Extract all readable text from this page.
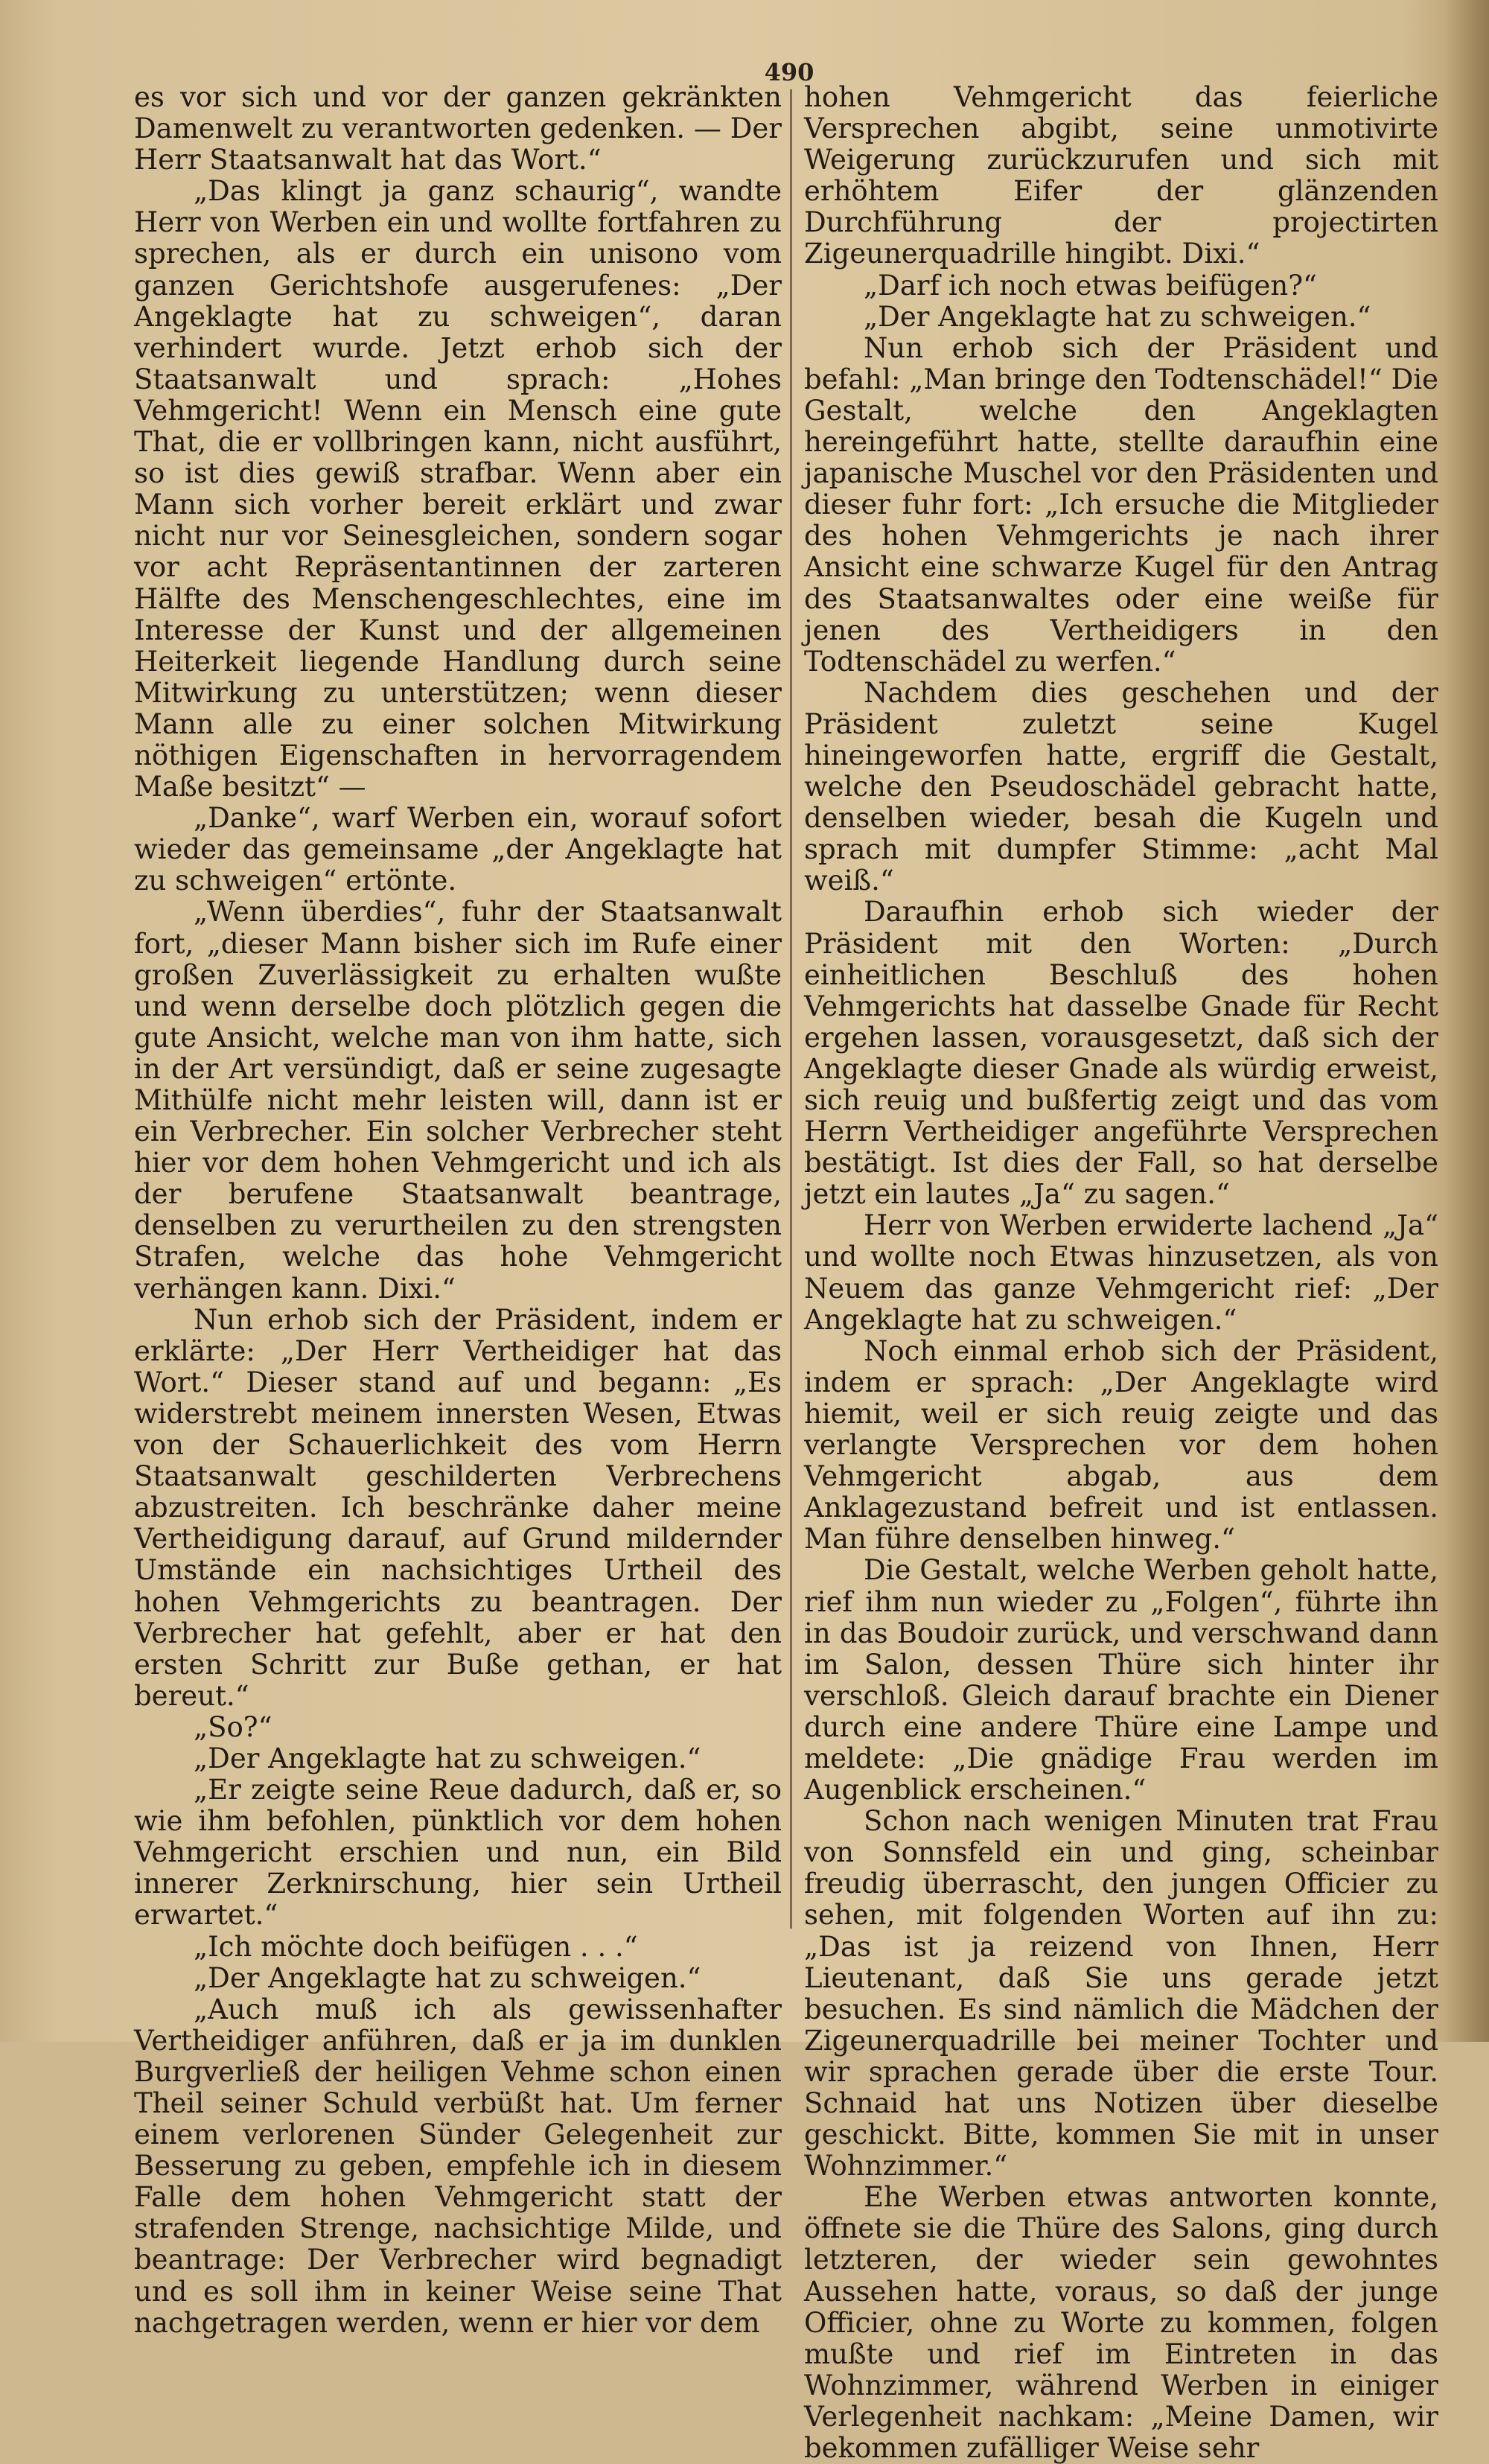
490

es vor sich und vor der ganzen gekränkten Damenwelt zu verantworten gedenken. — Der Herr Staatsanwalt hat das Wort.“

„Das klingt ja ganz schaurig“, wandte Herr von Werben ein und wollte fortfahren zu sprechen, als er durch ein unisono vom ganzen Gerichtshofe ausgerufenes: „Der Angeklagte hat zu schweigen“, daran verhindert wurde. Jetzt erhob sich der Staatsanwalt und sprach: „Hohes Vehmgericht! Wenn ein Mensch eine gute That, die er vollbringen kann, nicht ausführt, so ist dies gewiß strafbar. Wenn aber ein Mann sich vorher bereit erklärt und zwar nicht nur vor Seinesgleichen, sondern sogar vor acht Repräsentantinnen der zarteren Hälfte des Menschengeschlechtes, eine im Interesse der Kunst und der allgemeinen Heiterkeit liegende Handlung durch seine Mitwirkung zu unterstützen; wenn dieser Mann alle zu einer solchen Mitwirkung nöthigen Eigenschaften in hervorragendem Maße besitzt“ —

„Danke“, warf Werben ein, worauf sofort wieder das gemeinsame „der Angeklagte hat zu schweigen“ ertönte.

„Wenn überdies“, fuhr der Staatsanwalt fort, „dieser Mann bisher sich im Rufe einer großen Zuverlässigkeit zu erhalten wußte und wenn derselbe doch plötzlich gegen die gute Ansicht, welche man von ihm hatte, sich in der Art versündigt, daß er seine zugesagte Mithülfe nicht mehr leisten will, dann ist er ein Verbrecher. Ein solcher Verbrecher steht hier vor dem hohen Vehmgericht und ich als der berufene Staatsanwalt beantrage, denselben zu verurtheilen zu den strengsten Strafen, welche das hohe Vehmgericht verhängen kann. Dixi.“

Nun erhob sich der Präsident, indem er erklärte: „Der Herr Vertheidiger hat das Wort.“ Dieser stand auf und begann: „Es widerstrebt meinem innersten Wesen, Etwas von der Schauerlichkeit des vom Herrn Staatsanwalt geschilderten Verbrechens abzustreiten. Ich beschränke daher meine Vertheidigung darauf, auf Grund mildernder Umstände ein nachsichtiges Urtheil des hohen Vehmgerichts zu beantragen. Der Verbrecher hat gefehlt, aber er hat den ersten Schritt zur Buße gethan, er hat bereut.“

„So?“

„Der Angeklagte hat zu schweigen.“

„Er zeigte seine Reue dadurch, daß er, so wie ihm befohlen, pünktlich vor dem hohen Vehmgericht erschien und nun, ein Bild innerer Zerknirschung, hier sein Urtheil erwartet.“

„Ich möchte doch beifügen . . .“

„Der Angeklagte hat zu schweigen.“

„Auch muß ich als gewissenhafter Vertheidiger anführen, daß er ja im dunklen Burgverließ der heiligen Vehme schon einen Theil seiner Schuld verbüßt hat. Um ferner einem verlorenen Sünder Gelegenheit zur Besserung zu geben, empfehle ich in diesem Falle dem hohen Vehmgericht statt der strafenden Strenge, nachsichtige Milde, und beantrage: Der Verbrecher wird begnadigt und es soll ihm in keiner Weise seine That nachgetragen werden, wenn er hier vor dem

hohen Vehmgericht das feierliche Versprechen abgibt, seine unmotivirte Weigerung zurückzurufen und sich mit erhöhtem Eifer der glänzenden Durchführung der projectirten Zigeunerquadrille hingibt. Dixi.“

„Darf ich noch etwas beifügen?“

„Der Angeklagte hat zu schweigen.“

Nun erhob sich der Präsident und befahl: „Man bringe den Todtenschädel!“ Die Gestalt, welche den Angeklagten hereingeführt hatte, stellte daraufhin eine japanische Muschel vor den Präsidenten und dieser fuhr fort: „Ich ersuche die Mitglieder des hohen Vehmgerichts je nach ihrer Ansicht eine schwarze Kugel für den Antrag des Staatsanwaltes oder eine weiße für jenen des Vertheidigers in den Todtenschädel zu werfen.“

Nachdem dies geschehen und der Präsident zuletzt seine Kugel hineingeworfen hatte, ergriff die Gestalt, welche den Pseudoschädel gebracht hatte, denselben wieder, besah die Kugeln und sprach mit dumpfer Stimme: „acht Mal weiß.“

Daraufhin erhob sich wieder der Präsident mit den Worten: „Durch einheitlichen Beschluß des hohen Vehmgerichts hat dasselbe Gnade für Recht ergehen lassen, vorausgesetzt, daß sich der Angeklagte dieser Gnade als würdig erweist, sich reuig und bußfertig zeigt und das vom Herrn Vertheidiger angeführte Versprechen bestätigt. Ist dies der Fall, so hat derselbe jetzt ein lautes „Ja“ zu sagen.“

Herr von Werben erwiderte lachend „Ja“ und wollte noch Etwas hinzusetzen, als von Neuem das ganze Vehmgericht rief: „Der Angeklagte hat zu schweigen.“

Noch einmal erhob sich der Präsident, indem er sprach: „Der Angeklagte wird hiemit, weil er sich reuig zeigte und das verlangte Versprechen vor dem hohen Vehmgericht abgab, aus dem Anklagezustand befreit und ist entlassen. Man führe denselben hinweg.“

Die Gestalt, welche Werben geholt hatte, rief ihm nun wieder zu „Folgen“, führte ihn in das Boudoir zurück, und verschwand dann im Salon, dessen Thüre sich hinter ihr verschloß. Gleich darauf brachte ein Diener durch eine andere Thüre eine Lampe und meldete: „Die gnädige Frau werden im Augenblick erscheinen.“

Schon nach wenigen Minuten trat Frau von Sonnsfeld ein und ging, scheinbar freudig überrascht, den jungen Officier zu sehen, mit folgenden Worten auf ihn zu: „Das ist ja reizend von Ihnen, Herr Lieutenant, daß Sie uns gerade jetzt besuchen. Es sind nämlich die Mädchen der Zigeunerquadrille bei meiner Tochter und wir sprachen gerade über die erste Tour. Schnaid hat uns Notizen über dieselbe geschickt. Bitte, kommen Sie mit in unser Wohnzimmer.“

Ehe Werben etwas antworten konnte, öffnete sie die Thüre des Salons, ging durch letzteren, der wieder sein gewohntes Aussehen hatte, voraus, so daß der junge Officier, ohne zu Worte zu kommen, folgen mußte und rief im Eintreten in das Wohnzimmer, während Werben in einiger Verlegenheit nachkam: „Meine Damen, wir bekommen zufälliger Weise sehr
